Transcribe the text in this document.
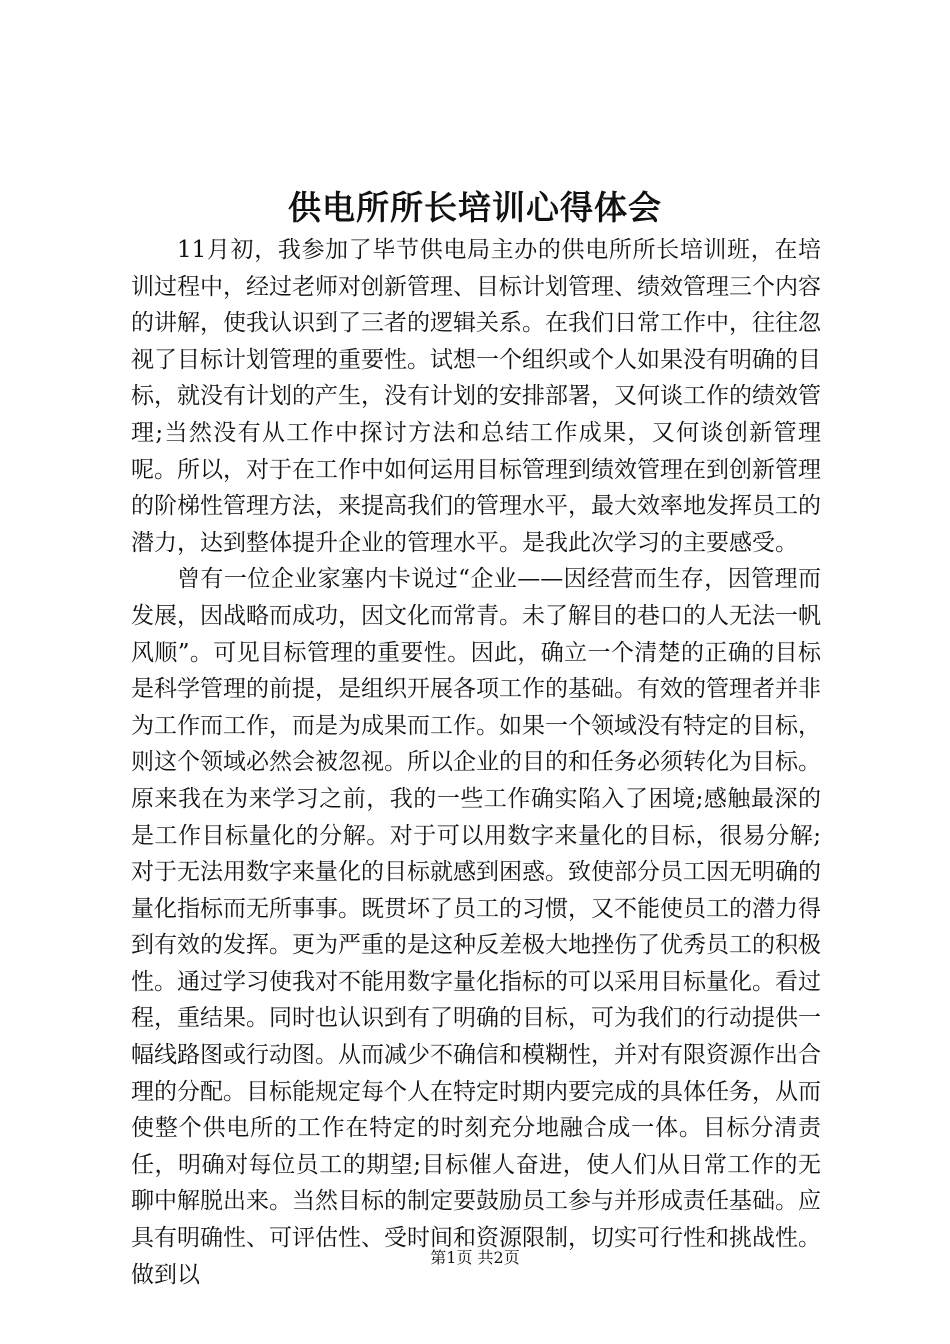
供电所所长培训心得体会

11月初，我参加了毕节供电局主办的供电所所长培训班，在培训过程中，经过老师对创新管理、目标计划管理、绩效管理三个内容的讲解，使我认识到了三者的逻辑关系。在我们日常工作中，往往忽视了目标计划管理的重要性。试想一个组织或个人如果没有明确的目标，就没有计划的产生，没有计划的安排部署，又何谈工作的绩效管理;当然没有从工作中探讨方法和总结工作成果，又何谈创新管理呢。所以，对于在工作中如何运用目标管理到绩效管理在到创新管理的阶梯性管理方法，来提高我们的管理水平，最大效率地发挥员工的潜力，达到整体提升企业的管理水平。是我此次学习的主要感受。

曾有一位企业家塞内卡说过“企业——因经营而生存，因管理而发展，因战略而成功，因文化而常青。未了解目的巷口的人无法一帆风顺”。可见目标管理的重要性。因此，确立一个清楚的正确的目标是科学管理的前提，是组织开展各项工作的基础。有效的管理者并非为工作而工作，而是为成果而工作。如果一个领域没有特定的目标，则这个领域必然会被忽视。所以企业的目的和任务必须转化为目标。原来我在为来学习之前，我的一些工作确实陷入了困境;感触最深的是工作目标量化的分解。对于可以用数字来量化的目标，很易分解;对于无法用数字来量化的目标就感到困惑。致使部分员工因无明确的量化指标而无所事事。既贯坏了员工的习惯，又不能使员工的潜力得到有效的发挥。更为严重的是这种反差极大地挫伤了优秀员工的积极性。通过学习使我对不能用数字量化指标的可以采用目标量化。看过程，重结果。同时也认识到有了明确的目标，可为我们的行动提供一幅线路图或行动图。从而减少不确信和模糊性，并对有限资源作出合理的分配。目标能规定每个人在特定时期内要完成的具体任务，从而使整个供电所的工作在特定的时刻充分地融合成一体。目标分清责任，明确对每位员工的期望;目标催人奋进，使人们从日常工作的无聊中解脱出来。当然目标的制定要鼓励员工参与并形成责任基础。应具有明确性、可评估性、受时间和资源限制，切实可行性和挑战性。做到以

第1页 共2页
